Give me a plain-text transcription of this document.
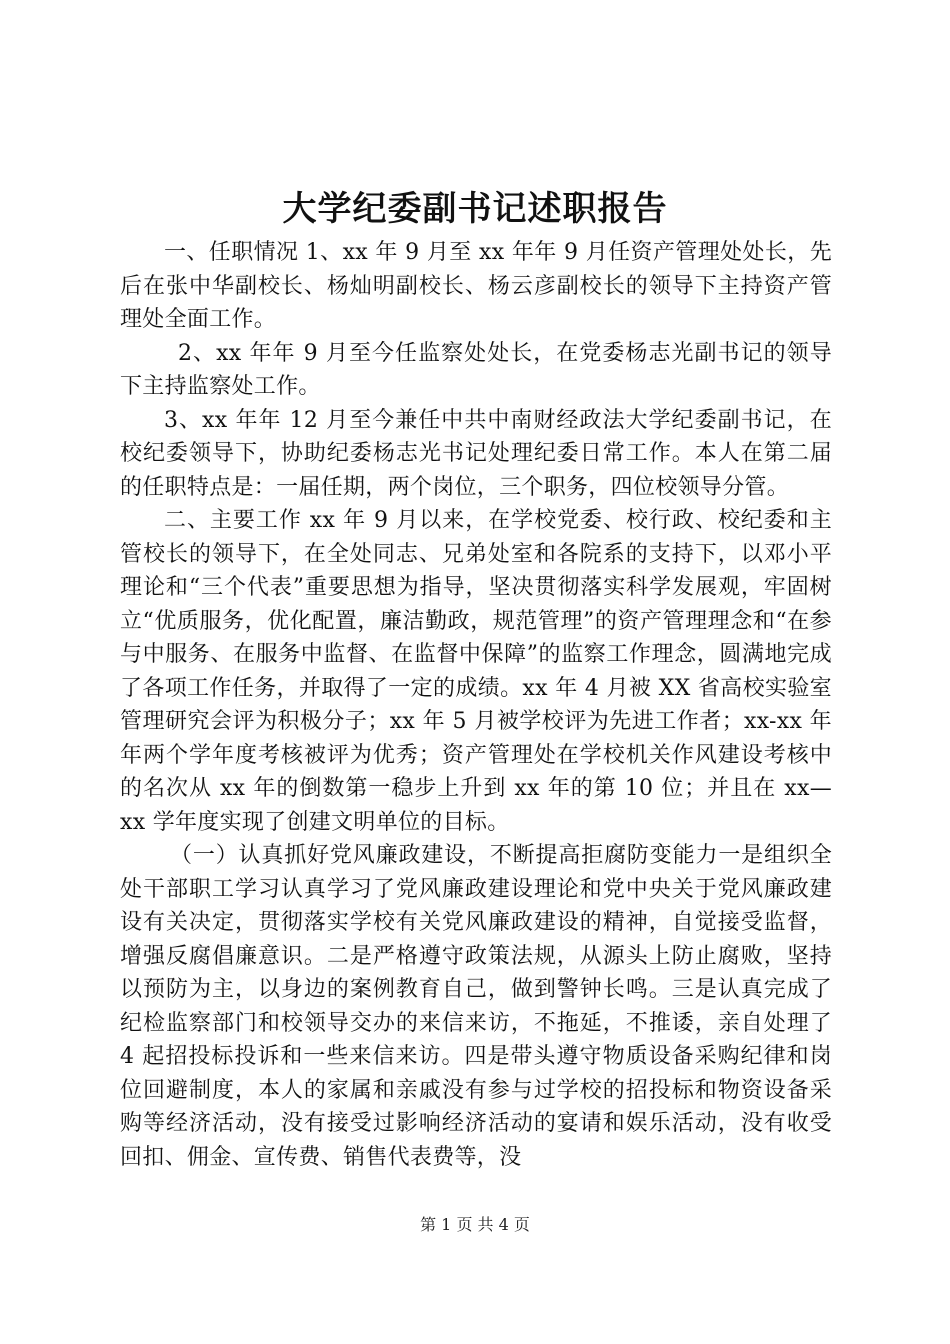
大学纪委副书记述职报告

一、任职情况 1、xx 年 9 月至 xx 年年 9 月任资产管理处处长，先后在张中华副校长、杨灿明副校长、杨云彦副校长的领导下主持资产管理处全面工作。

2、xx 年年 9 月至今任监察处处长，在党委杨志光副书记的领导下主持监察处工作。

3、xx 年年 12 月至今兼任中共中南财经政法大学纪委副书记，在校纪委领导下，协助纪委杨志光书记处理纪委日常工作。本人在第二届的任职特点是：一届任期，两个岗位，三个职务，四位校领导分管。

二、主要工作 xx 年 9 月以来，在学校党委、校行政、校纪委和主管校长的领导下，在全处同志、兄弟处室和各院系的支持下，以邓小平理论和“三个代表”重要思想为指导，坚决贯彻落实科学发展观，牢固树立“优质服务，优化配置，廉洁勤政，规范管理”的资产管理理念和“在参与中服务、在服务中监督、在监督中保障”的监察工作理念，圆满地完成了各项工作任务，并取得了一定的成绩。xx 年 4 月被 XX 省高校实验室管理研究会评为积极分子；xx 年 5 月被学校评为先进工作者；xx-xx 年年两个学年度考核被评为优秀；资产管理处在学校机关作风建设考核中的名次从 xx 年的倒数第一稳步上升到 xx 年的第 10 位；并且在 xx—xx 学年度实现了创建文明单位的目标。

（一）认真抓好党风廉政建设，不断提高拒腐防变能力一是组织全处干部职工学习认真学习了党风廉政建设理论和党中央关于党风廉政建设有关决定，贯彻落实学校有关党风廉政建设的精神，自觉接受监督，增强反腐倡廉意识。二是严格遵守政策法规，从源头上防止腐败，坚持以预防为主，以身边的案例教育自己，做到警钟长鸣。三是认真完成了纪检监察部门和校领导交办的来信来访，不拖延，不推诿，亲自处理了 4 起招投标投诉和一些来信来访。四是带头遵守物质设备采购纪律和岗位回避制度，本人的家属和亲戚没有参与过学校的招投标和物资设备采购等经济活动，没有接受过影响经济活动的宴请和娱乐活动，没有收受回扣、佣金、宣传费、销售代表费等，没

第 1 页 共 4 页
